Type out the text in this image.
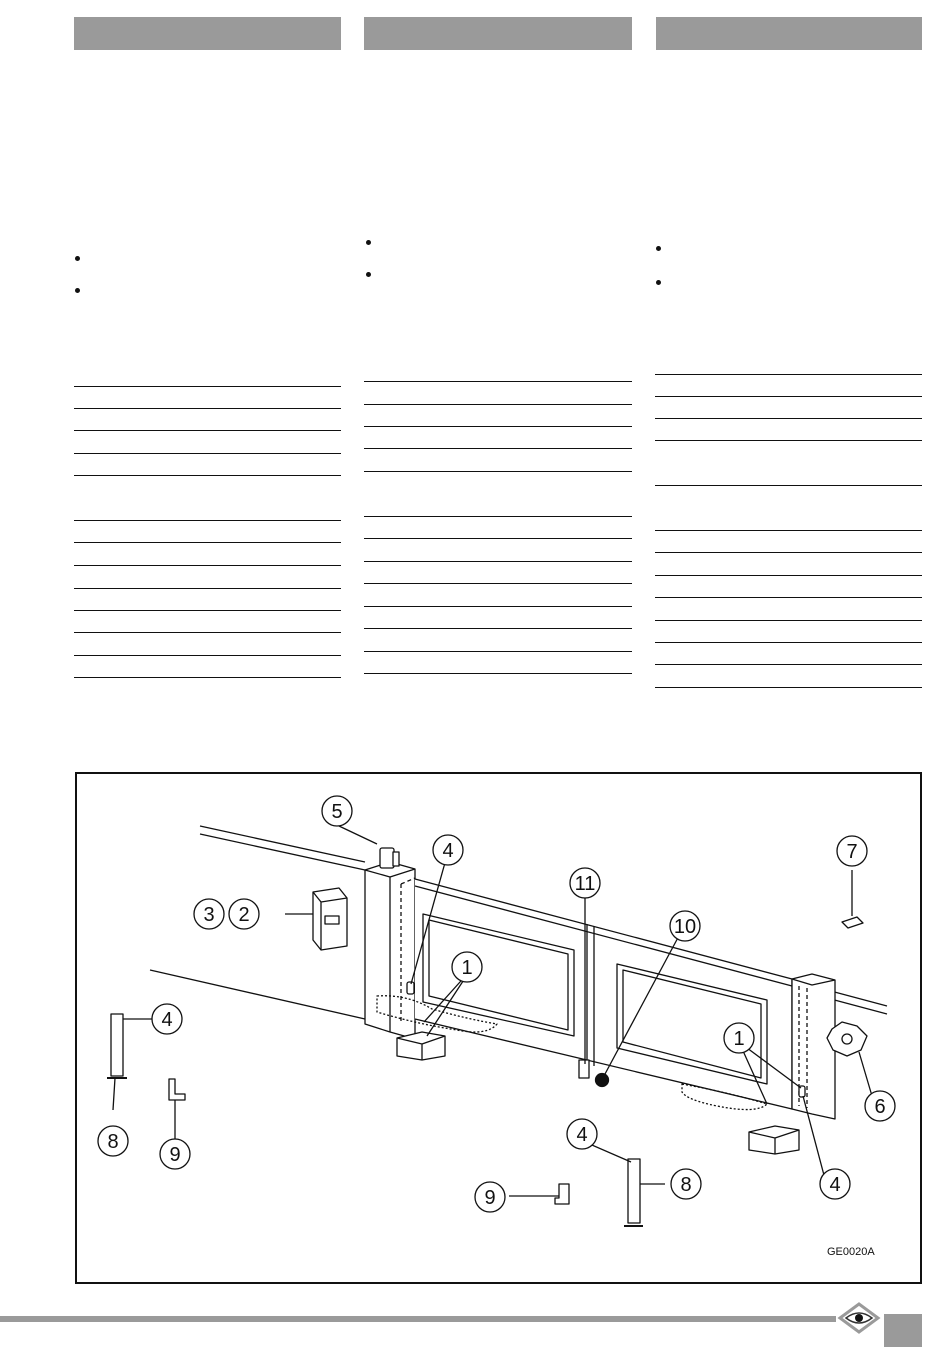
1
1
2
3
4
4
4
4
5
6
7
8
8
9
9
10
11
GE0020A
